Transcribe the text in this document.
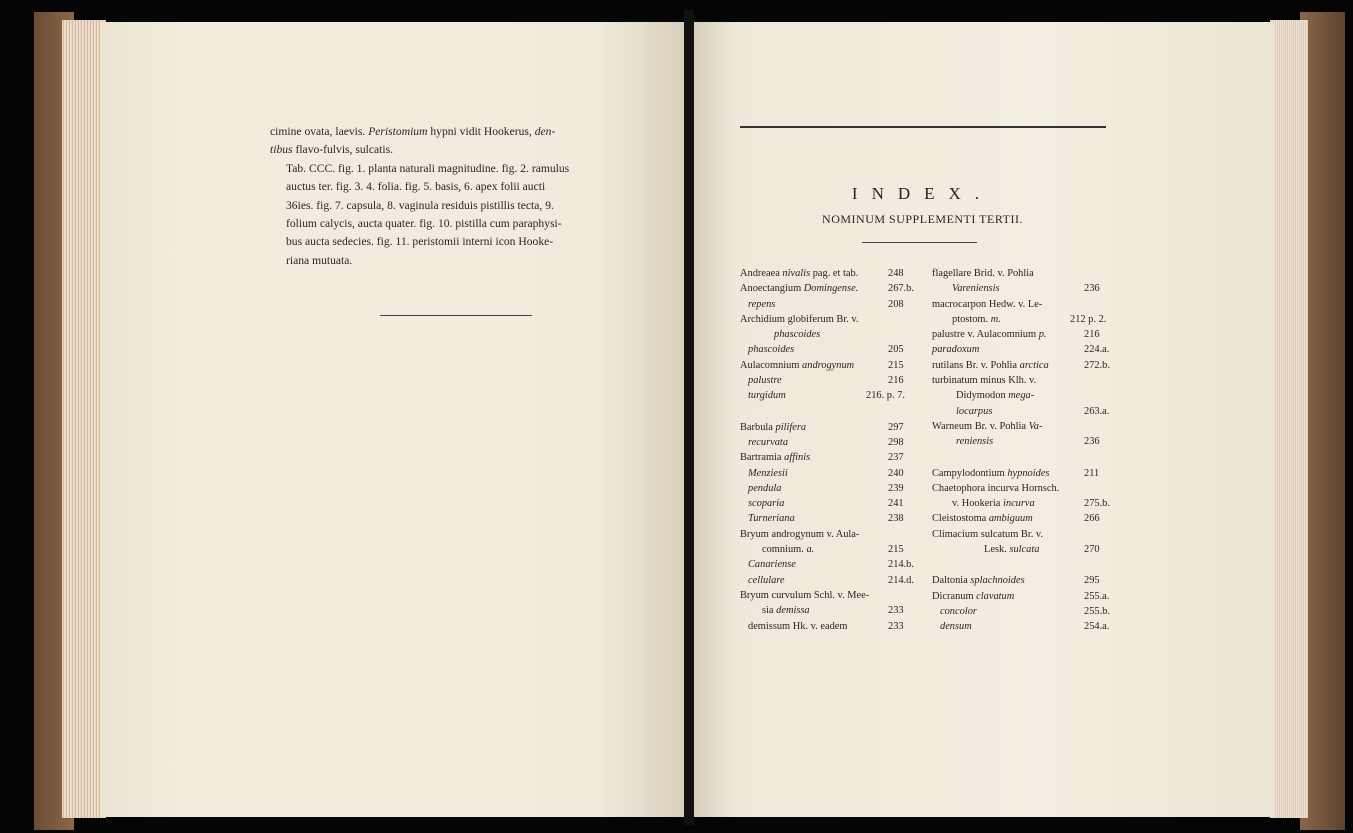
cimine ovata, laevis. Peristomium hypni vidit Hookerus, den-

tibus flavo-fulvis, sulcatis.

Tab. CCC. fig. 1. planta naturali magnitudine. fig. 2. ramulus

auctus ter. fig. 3. 4. folia. fig. 5. basis, 6. apex folii aucti

36ies. fig. 7. capsula, 8. vaginula residuis pistillis tecta, 9.

folium calycis, aucta quater. fig. 10. pistilla cum paraphysi-

bus aucta sedecies. fig. 11. peristomii interni icon Hooke-

riana mutuata.

INDEX.
NOMINUM SUPPLEMENTI TERTII.
Andreaea nivalis pag. et tab.	248
Anoectangium Domingense.	267.b.
repens	208
Archidium globiferum Br. v.
phascoides
phascoides	205
Aulacomnium androgynum	215
palustre	216
turgidum	216. p. 7.
Barbula pilifera	297
recurvata	298
Bartramia affinis	237
Menziesii	240
pendula	239
scoparia	241
Turneriana	238
Bryum androgynum v. Aula-
comnium. a.	215
Canariense	214.b.
cellulare	214.d.
Bryum curvulum Schl. v. Mee-
sia demissa	233
demissum Hk. v. eadem	233
flagellare Brid. v. Pohlia
Vareniensis	236
macrocarpon Hedw. v. Le-
ptostom. m.	212 p. 2.
palustre v. Aulacomnium p.	216
paradoxum	224.a.
rutilans Br. v. Pohlia arctica	272.b.
turbinatum minus Klh. v.
Didymodon mega-
locarpus	263.a.
Warneum Br. v. Pohlia Va-
reniensis	236
Campylodontium hypnoides	211
Chaetophora incurva Hornsch.
v. Hookeria incurva	275.b.
Cleistostoma ambiguum	266
Climacium sulcatum Br. v.
Lesk. sulcata	270
Daltonia splachnoides	295
Dicranum clavatum	255.a.
concolor	255.b.
densum	254.a.
